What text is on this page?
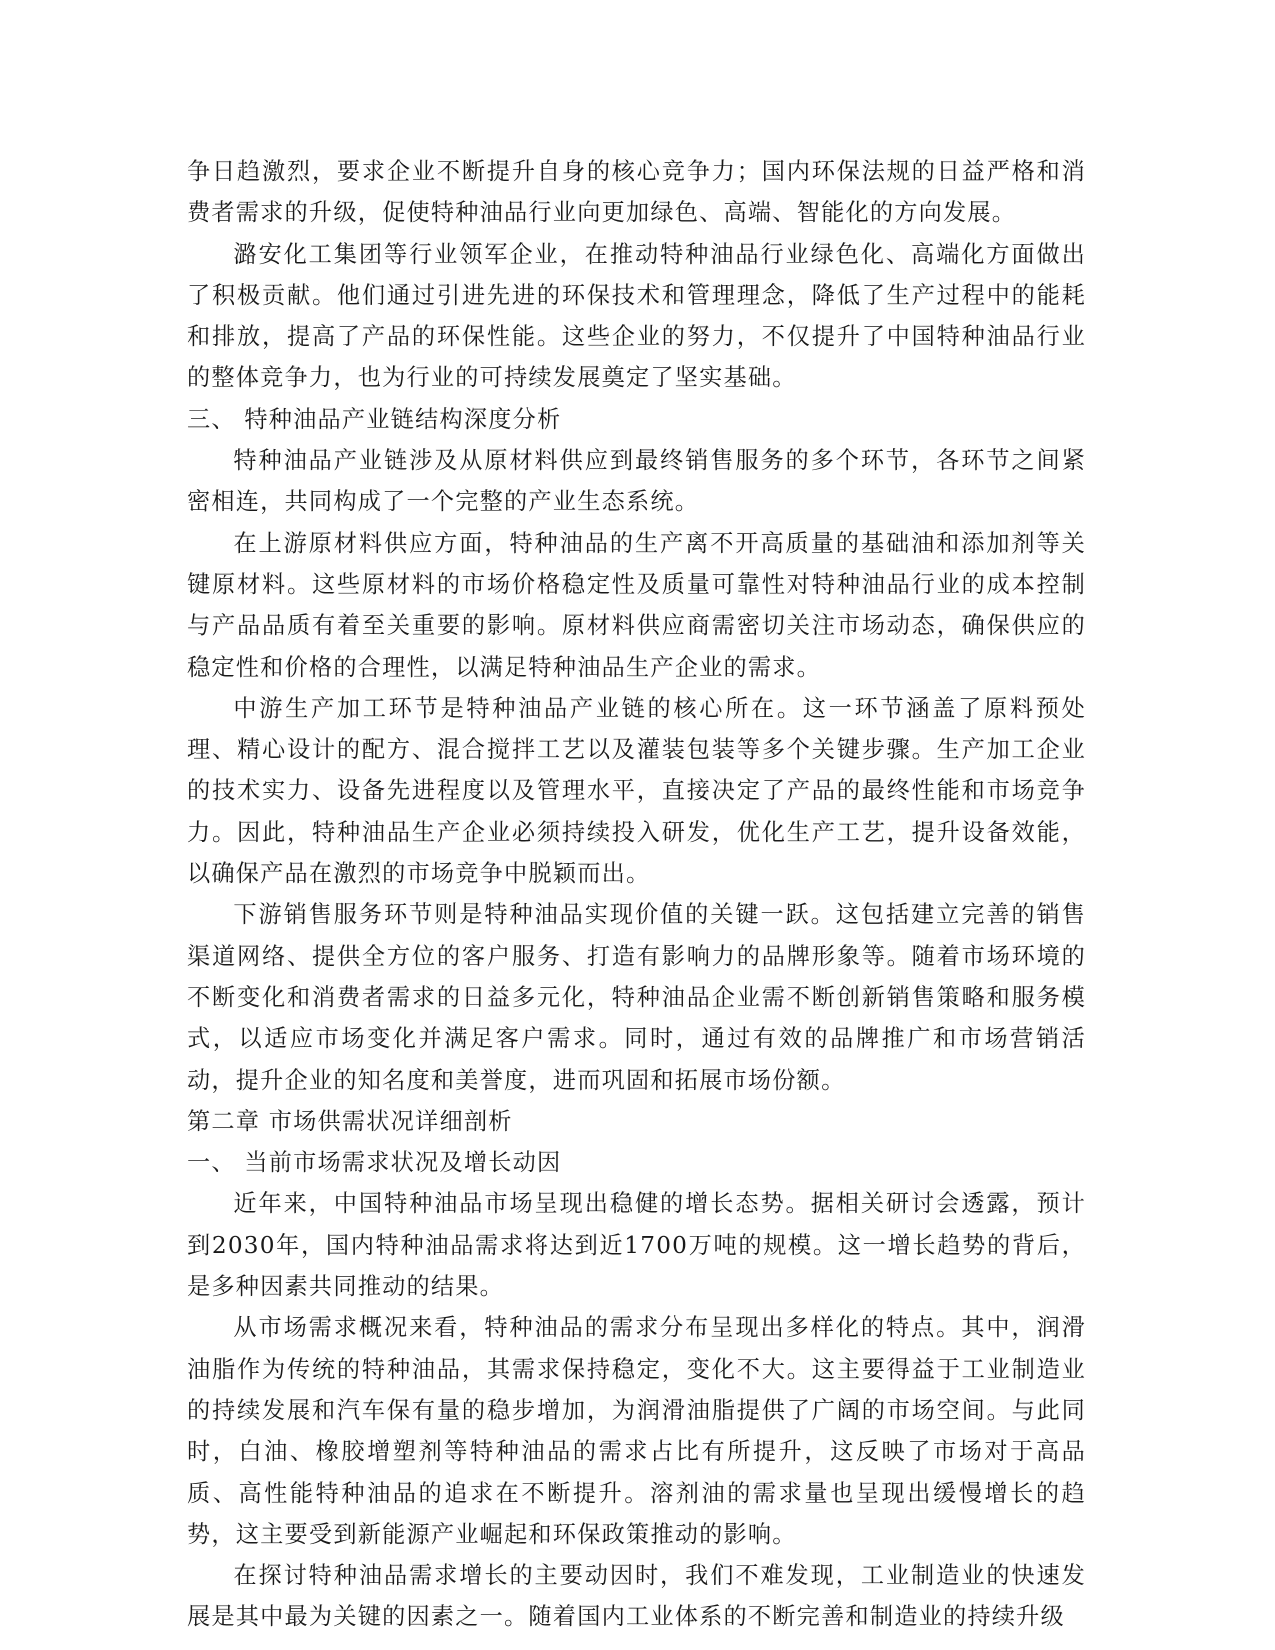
争日趋激烈，要求企业不断提升自身的核心竞争力；国内环保法规的日益严格和消费者需求的升级，促使特种油品行业向更加绿色、高端、智能化的方向发展。

潞安化工集团等行业领军企业，在推动特种油品行业绿色化、高端化方面做出了积极贡献。他们通过引进先进的环保技术和管理理念，降低了生产过程中的能耗和排放，提高了产品的环保性能。这些企业的努力，不仅提升了中国特种油品行业的整体竞争力，也为行业的可持续发展奠定了坚实基础。

三、 特种油品产业链结构深度分析

特种油品产业链涉及从原材料供应到最终销售服务的多个环节，各环节之间紧密相连，共同构成了一个完整的产业生态系统。

在上游原材料供应方面，特种油品的生产离不开高质量的基础油和添加剂等关键原材料。这些原材料的市场价格稳定性及质量可靠性对特种油品行业的成本控制与产品品质有着至关重要的影响。原材料供应商需密切关注市场动态，确保供应的稳定性和价格的合理性，以满足特种油品生产企业的需求。

中游生产加工环节是特种油品产业链的核心所在。这一环节涵盖了原料预处理、精心设计的配方、混合搅拌工艺以及灌装包装等多个关键步骤。生产加工企业的技术实力、设备先进程度以及管理水平，直接决定了产品的最终性能和市场竞争力。因此，特种油品生产企业必须持续投入研发，优化生产工艺，提升设备效能，以确保产品在激烈的市场竞争中脱颖而出。

下游销售服务环节则是特种油品实现价值的关键一跃。这包括建立完善的销售渠道网络、提供全方位的客户服务、打造有影响力的品牌形象等。随着市场环境的不断变化和消费者需求的日益多元化，特种油品企业需不断创新销售策略和服务模式，以适应市场变化并满足客户需求。同时，通过有效的品牌推广和市场营销活动，提升企业的知名度和美誉度，进而巩固和拓展市场份额。

第二章 市场供需状况详细剖析

一、 当前市场需求状况及增长动因

近年来，中国特种油品市场呈现出稳健的增长态势。据相关研讨会透露，预计到2030年，国内特种油品需求将达到近1700万吨的规模。这一增长趋势的背后，是多种因素共同推动的结果。

从市场需求概况来看，特种油品的需求分布呈现出多样化的特点。其中，润滑油脂作为传统的特种油品，其需求保持稳定，变化不大。这主要得益于工业制造业的持续发展和汽车保有量的稳步增加，为润滑油脂提供了广阔的市场空间。与此同时，白油、橡胶增塑剂等特种油品的需求占比有所提升，这反映了市场对于高品质、高性能特种油品的追求在不断提升。溶剂油的需求量也呈现出缓慢增长的趋势，这主要受到新能源产业崛起和环保政策推动的影响。

在探讨特种油品需求增长的主要动因时，我们不难发现，工业制造业的快速发展是其中最为关键的因素之一。随着国内工业体系的不断完善和制造业的持续升级
